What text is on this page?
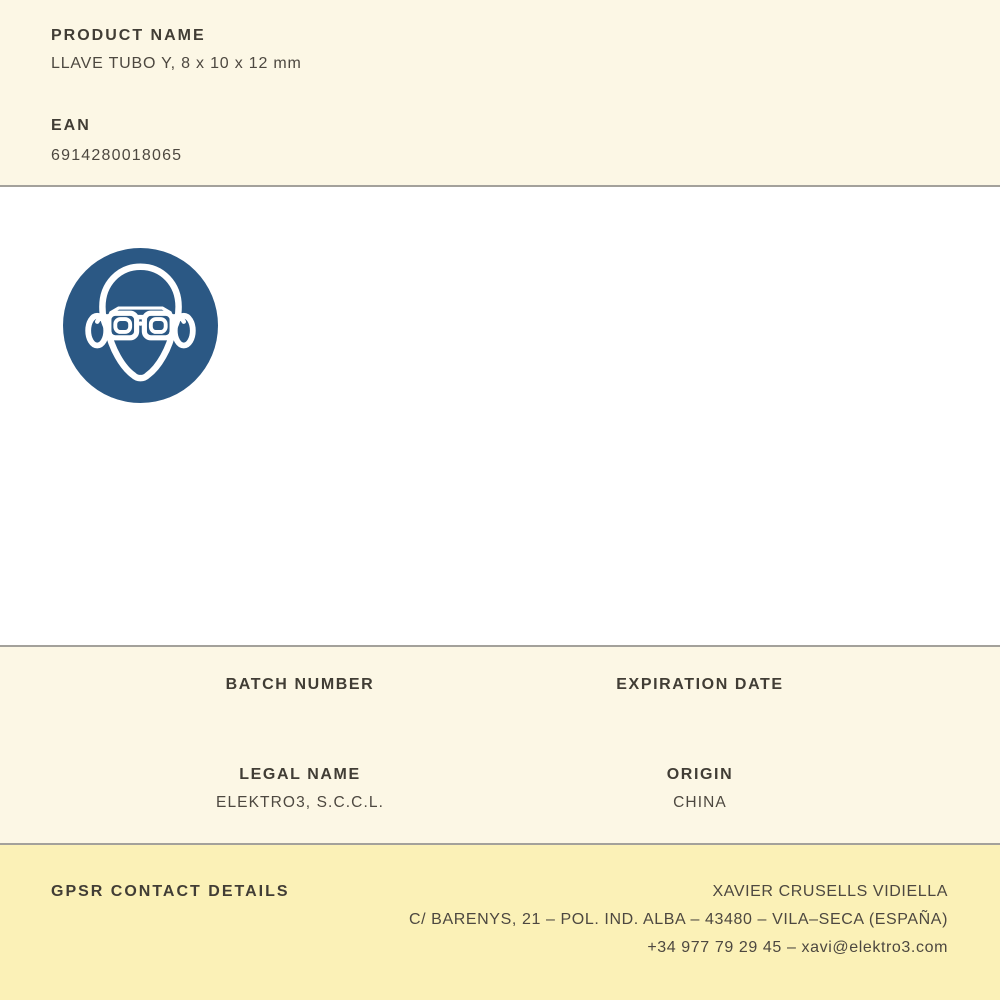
PRODUCT NAME
LLAVE TUBO Y, 8 x 10 x 12 mm
EAN
6914280018065
BATCH NUMBER	EXPIRATION DATE
LEGAL NAME
ELEKTRO3, S.C.C.L.
ORIGIN
CHINA
GPSR CONTACT DETAILS	XAVIER CRUSELLS VIDIELLA
C/ BARENYS, 21 – POL. IND. ALBA – 43480 – VILA–SECA (ESPAÑA)
+34 977 79 29 45 – xavi@elektro3.com
